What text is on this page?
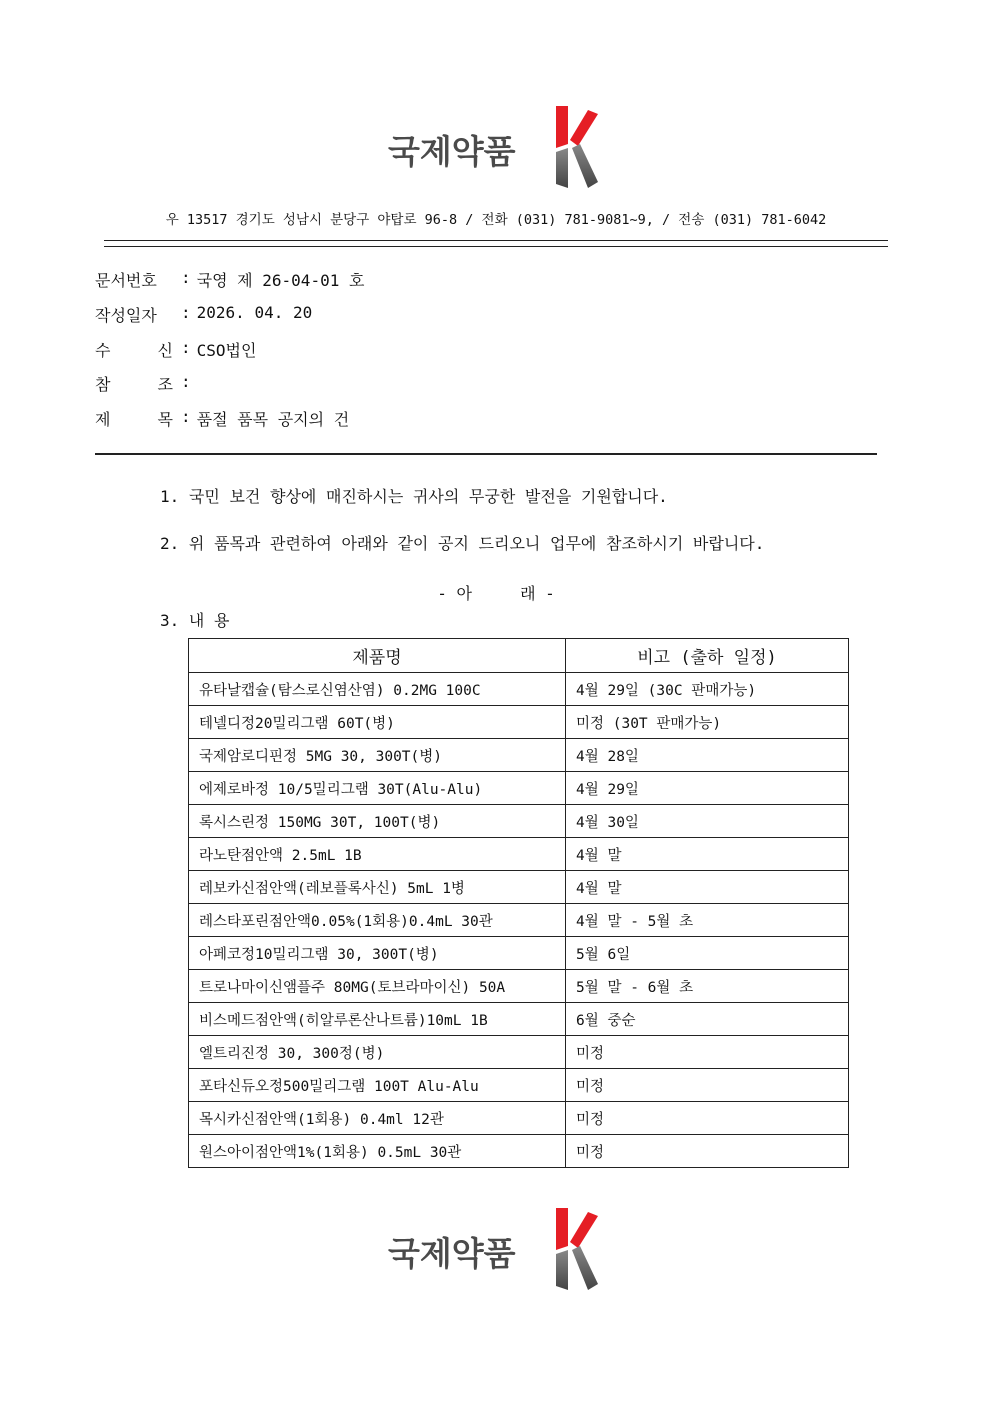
국제약품
우 13517 경기도 성남시 분당구 야탑로 96-8 / 전화 (031) 781-9081~9, / 전송 (031) 781-6042
문서번호	: 국영 제 26-04-01 호
작성일자	: 2026. 04. 20
수	신 : CSO법인
참	조 :
제	목 : 품절 품목 공지의 건
1. 국민 보건 향상에 매진하시는 귀사의 무궁한 발전을 기원합니다.
2. 위 품목과 관련하여 아래와 같이 공지 드리오니 업무에 참조하시기 바랍니다.
- 아     래 -
3. 내 용
제품명	비고 (출하 일정)
유타날캡슐(탐스로신염산염) 0.2MG 100C	4월 29일 (30C 판매가능)
테넬디정20밀리그램 60T(병)	미정 (30T 판매가능)
국제암로디핀정 5MG 30, 300T(병)	4월 28일
에제로바정 10/5밀리그램 30T(Alu-Alu)	4월 29일
록시스린정 150MG 30T, 100T(병)	4월 30일
라노탄점안액 2.5mL 1B	4월 말
레보카신점안액(레보플록사신) 5mL 1병	4월 말
레스타포린점안액0.05%(1회용)0.4mL 30관	4월 말 - 5월 초
아페코정10밀리그램 30, 300T(병)	5월 6일
트로나마이신앰플주 80MG(토브라마이신) 50A	5월 말 - 6월 초
비스메드점안액(히알루론산나트륨)10mL 1B	6월 중순
엘트리진정 30, 300정(병)	미정
포타신듀오정500밀리그램 100T Alu-Alu	미정
목시카신점안액(1회용) 0.4ml 12관	미정
원스아이점안액1%(1회용) 0.5mL 30관	미정
국제약품
